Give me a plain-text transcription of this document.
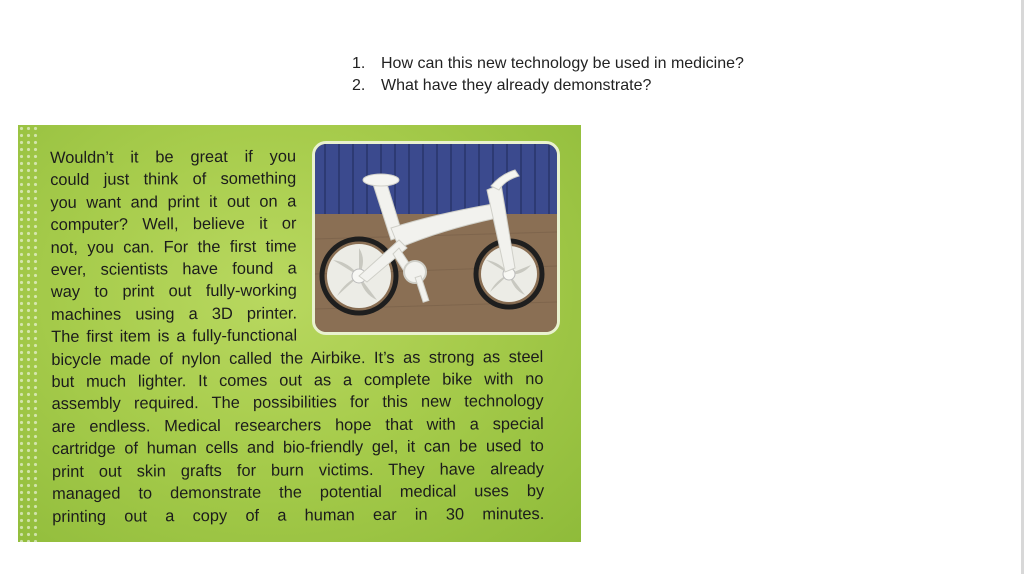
1. How can this new technology be used in medicine?
2. What have they already demonstrate?

Wouldn’t it be great if you
could just think of something
you want and print it out on a
computer? Well, believe it or
not, you can. For the first time
ever, scientists have found a
way to print out fully-working
machines using a 3D printer.
The first item is a fully-functional

bicycle made of nylon called the Airbike. It’s as strong as steel
but much lighter. It comes out as a complete bike with no
assembly required. The possibilities for this new technology
are endless. Medical researchers hope that with a special
cartridge of human cells and bio-friendly gel, it can be used to
print out skin grafts for burn victims. They have already
managed to demonstrate the potential medical uses by
printing out a copy of a human ear in 30 minutes.
